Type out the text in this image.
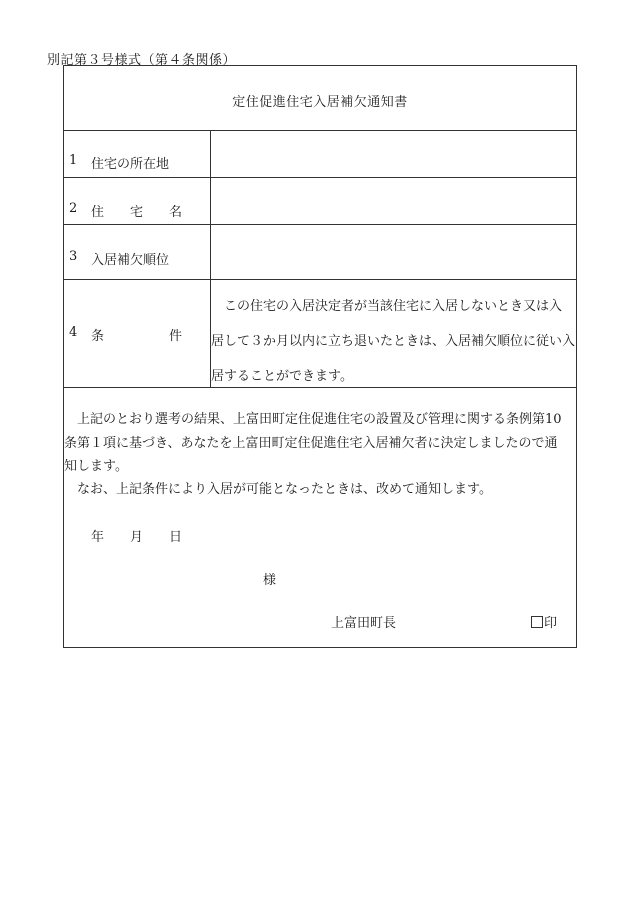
別記第３号様式（第４条関係）
定住促進住宅入居補欠通知書
1 住宅の所在地
2 住　　宅　　名
3 入居補欠順位
4 条　　　　　件
　この住宅の入居決定者が当該住宅に入居しないとき又は入
居して３か月以内に立ち退いたときは、入居補欠順位に従い入
居することができます。
　上記のとおり選考の結果、上富田町定住促進住宅の設置及び管理に関する条例第10
条第１項に基づき、あなたを上富田町定住促進住宅入居補欠者に決定しましたので通
知します。
　なお、上記条件により入居が可能となったときは、改めて通知します。
年　　月　　日
様
上富田町長	印
